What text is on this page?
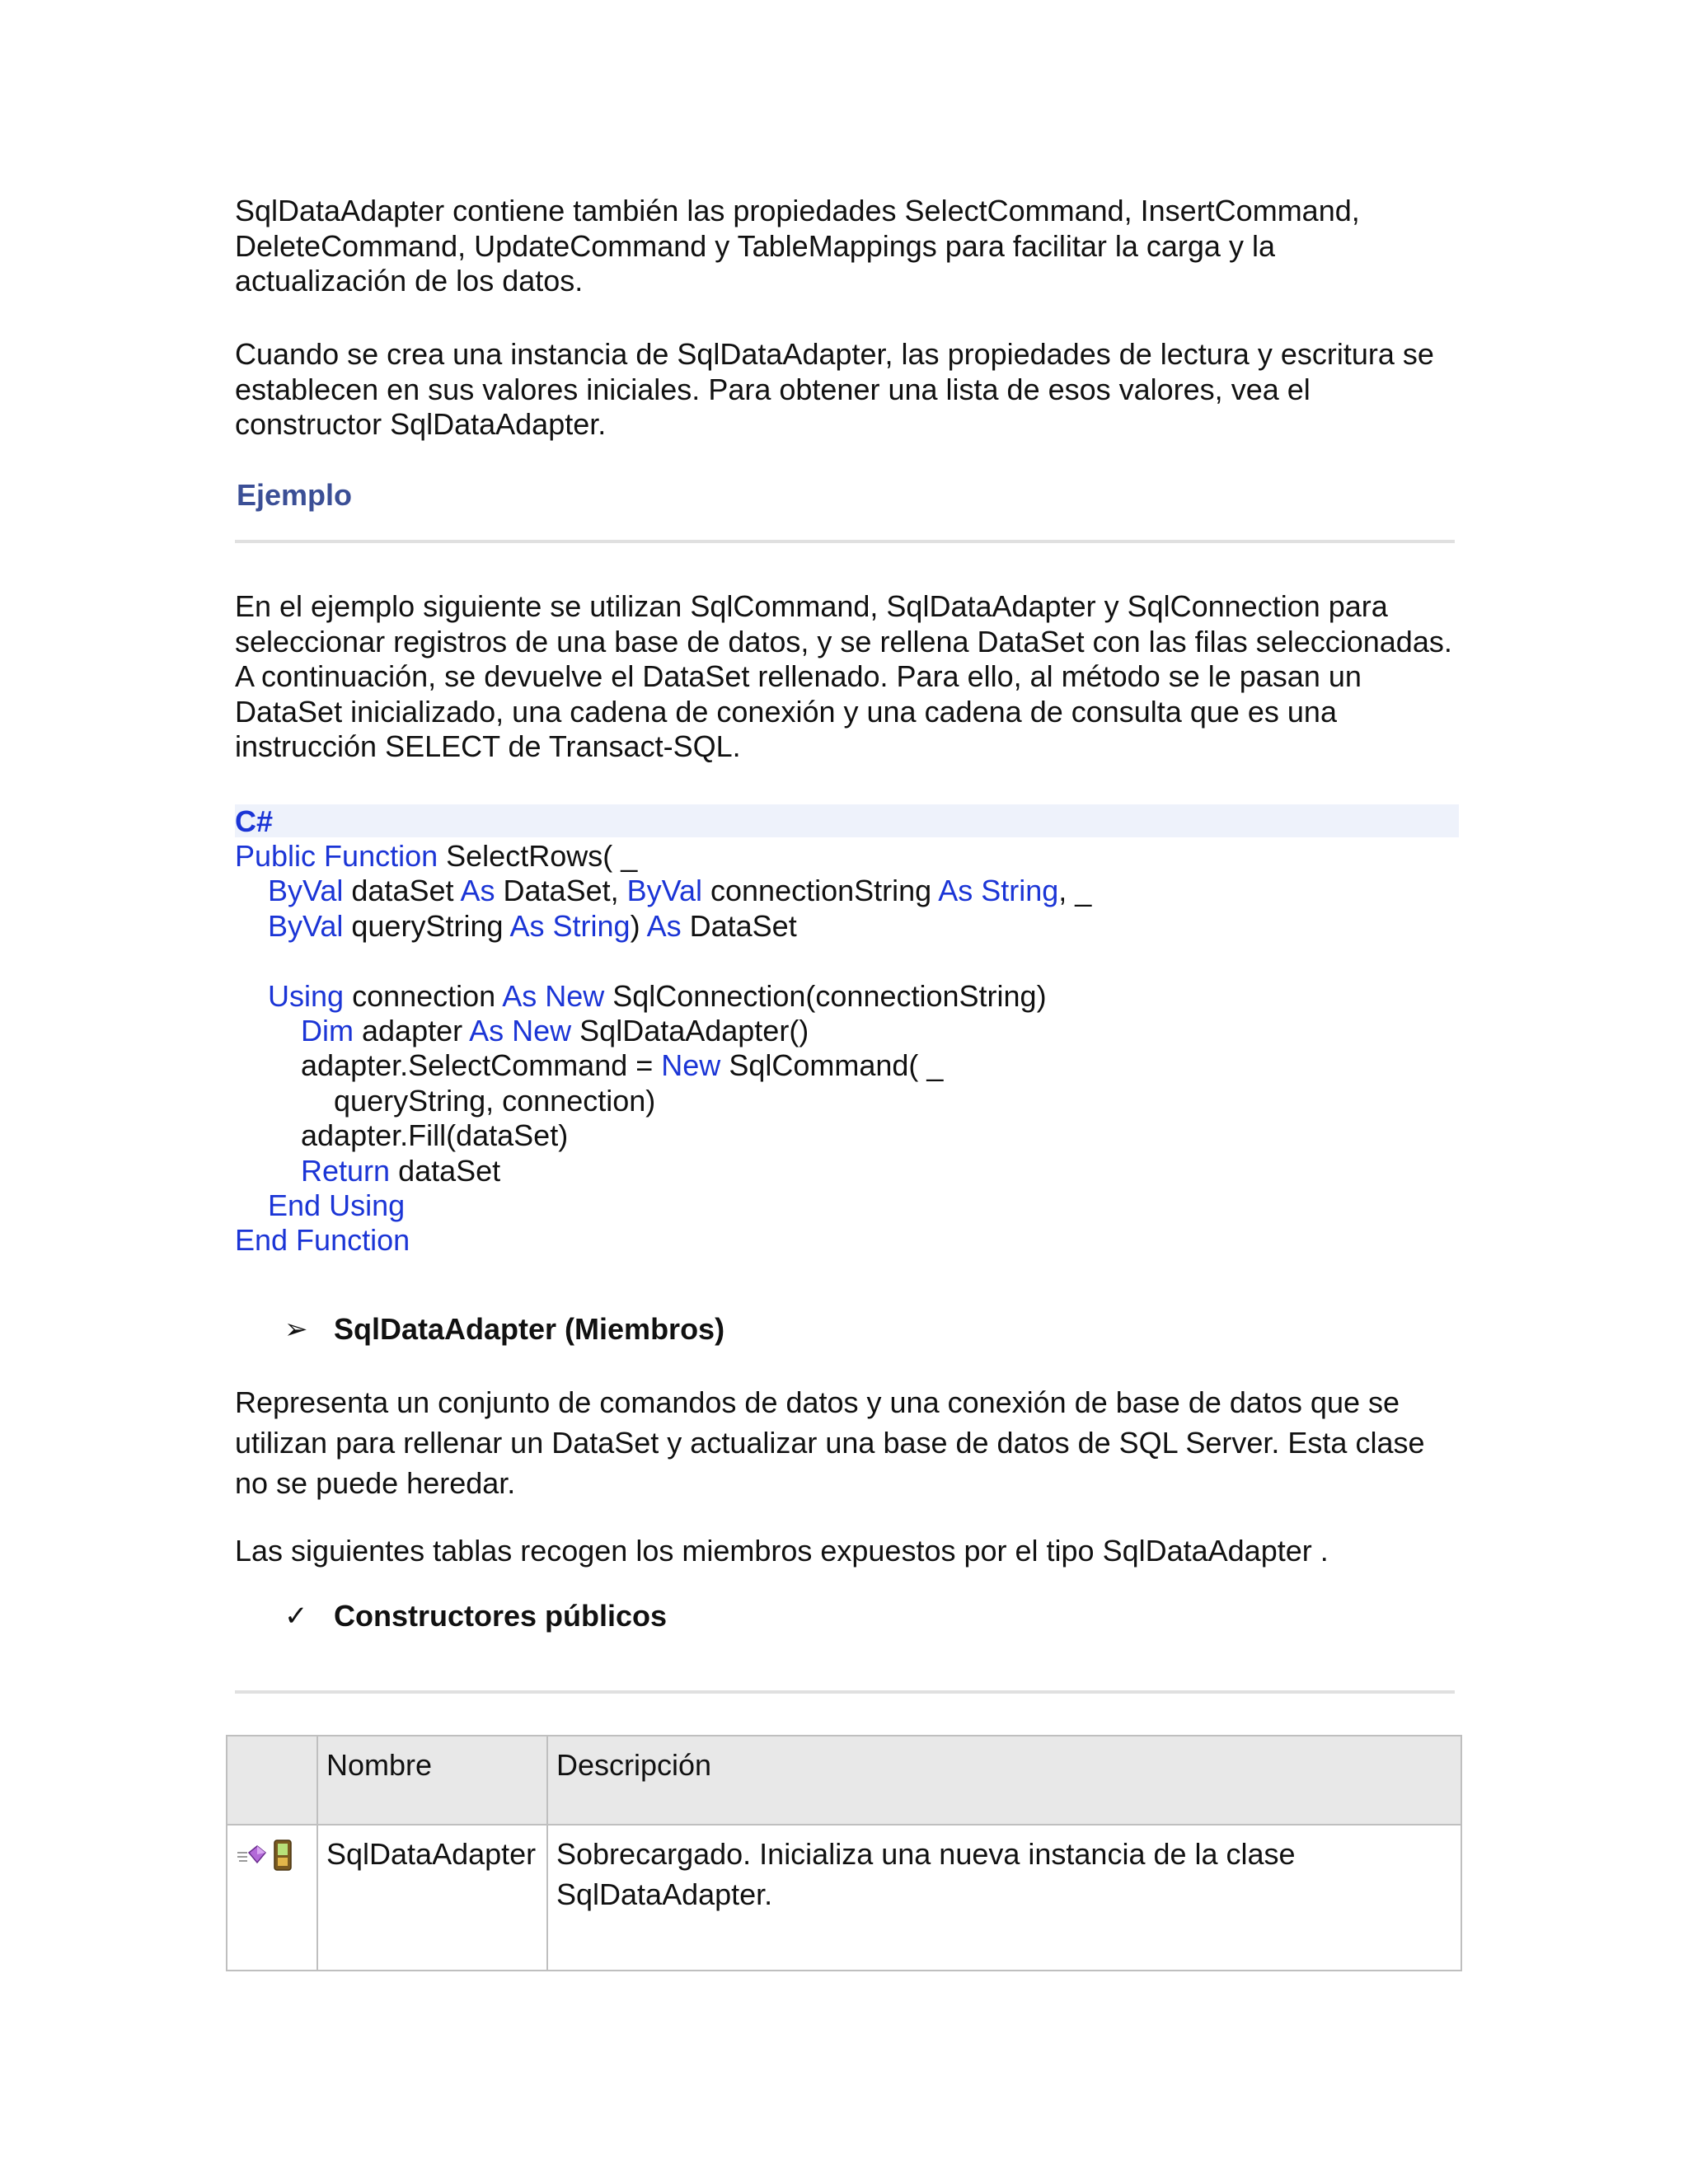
SqlDataAdapter contiene también las propiedades SelectCommand, InsertCommand, DeleteCommand, UpdateCommand y TableMappings para facilitar la carga y la actualización de los datos.

Cuando se crea una instancia de SqlDataAdapter, las propiedades de lectura y escritura se establecen en sus valores iniciales. Para obtener una lista de esos valores, vea el constructor SqlDataAdapter.

Ejemplo

En el ejemplo siguiente se utilizan SqlCommand, SqlDataAdapter y SqlConnection para seleccionar registros de una base de datos, y se rellena DataSet con las filas seleccionadas. A continuación, se devuelve el DataSet rellenado. Para ello, al método se le pasan un DataSet inicializado, una cadena de conexión y una cadena de consulta que es una instrucción SELECT de Transact-SQL.

C#
Public Function SelectRows( _
ByVal dataSet As DataSet, ByVal connectionString As String, _
ByVal queryString As String) As DataSet
Using connection As New SqlConnection(connectionString)
Dim adapter As New SqlDataAdapter()
adapter.SelectCommand = New SqlCommand( _
queryString, connection)
adapter.Fill(dataSet)
Return dataSet
End Using
End Function
➢ SqlDataAdapter (Miembros)

Representa un conjunto de comandos de datos y una conexión de base de datos que se utilizan para rellenar un DataSet y actualizar una base de datos de SQL Server. Esta clase no se puede heredar.

Las siguientes tablas recogen los miembros expuestos por el tipo SqlDataAdapter .

✓ Constructores públicos
	Nombre	Descripción

	SqlDataAdapter	Sobrecargado. Inicializa una nueva instancia de la clase SqlDataAdapter.
